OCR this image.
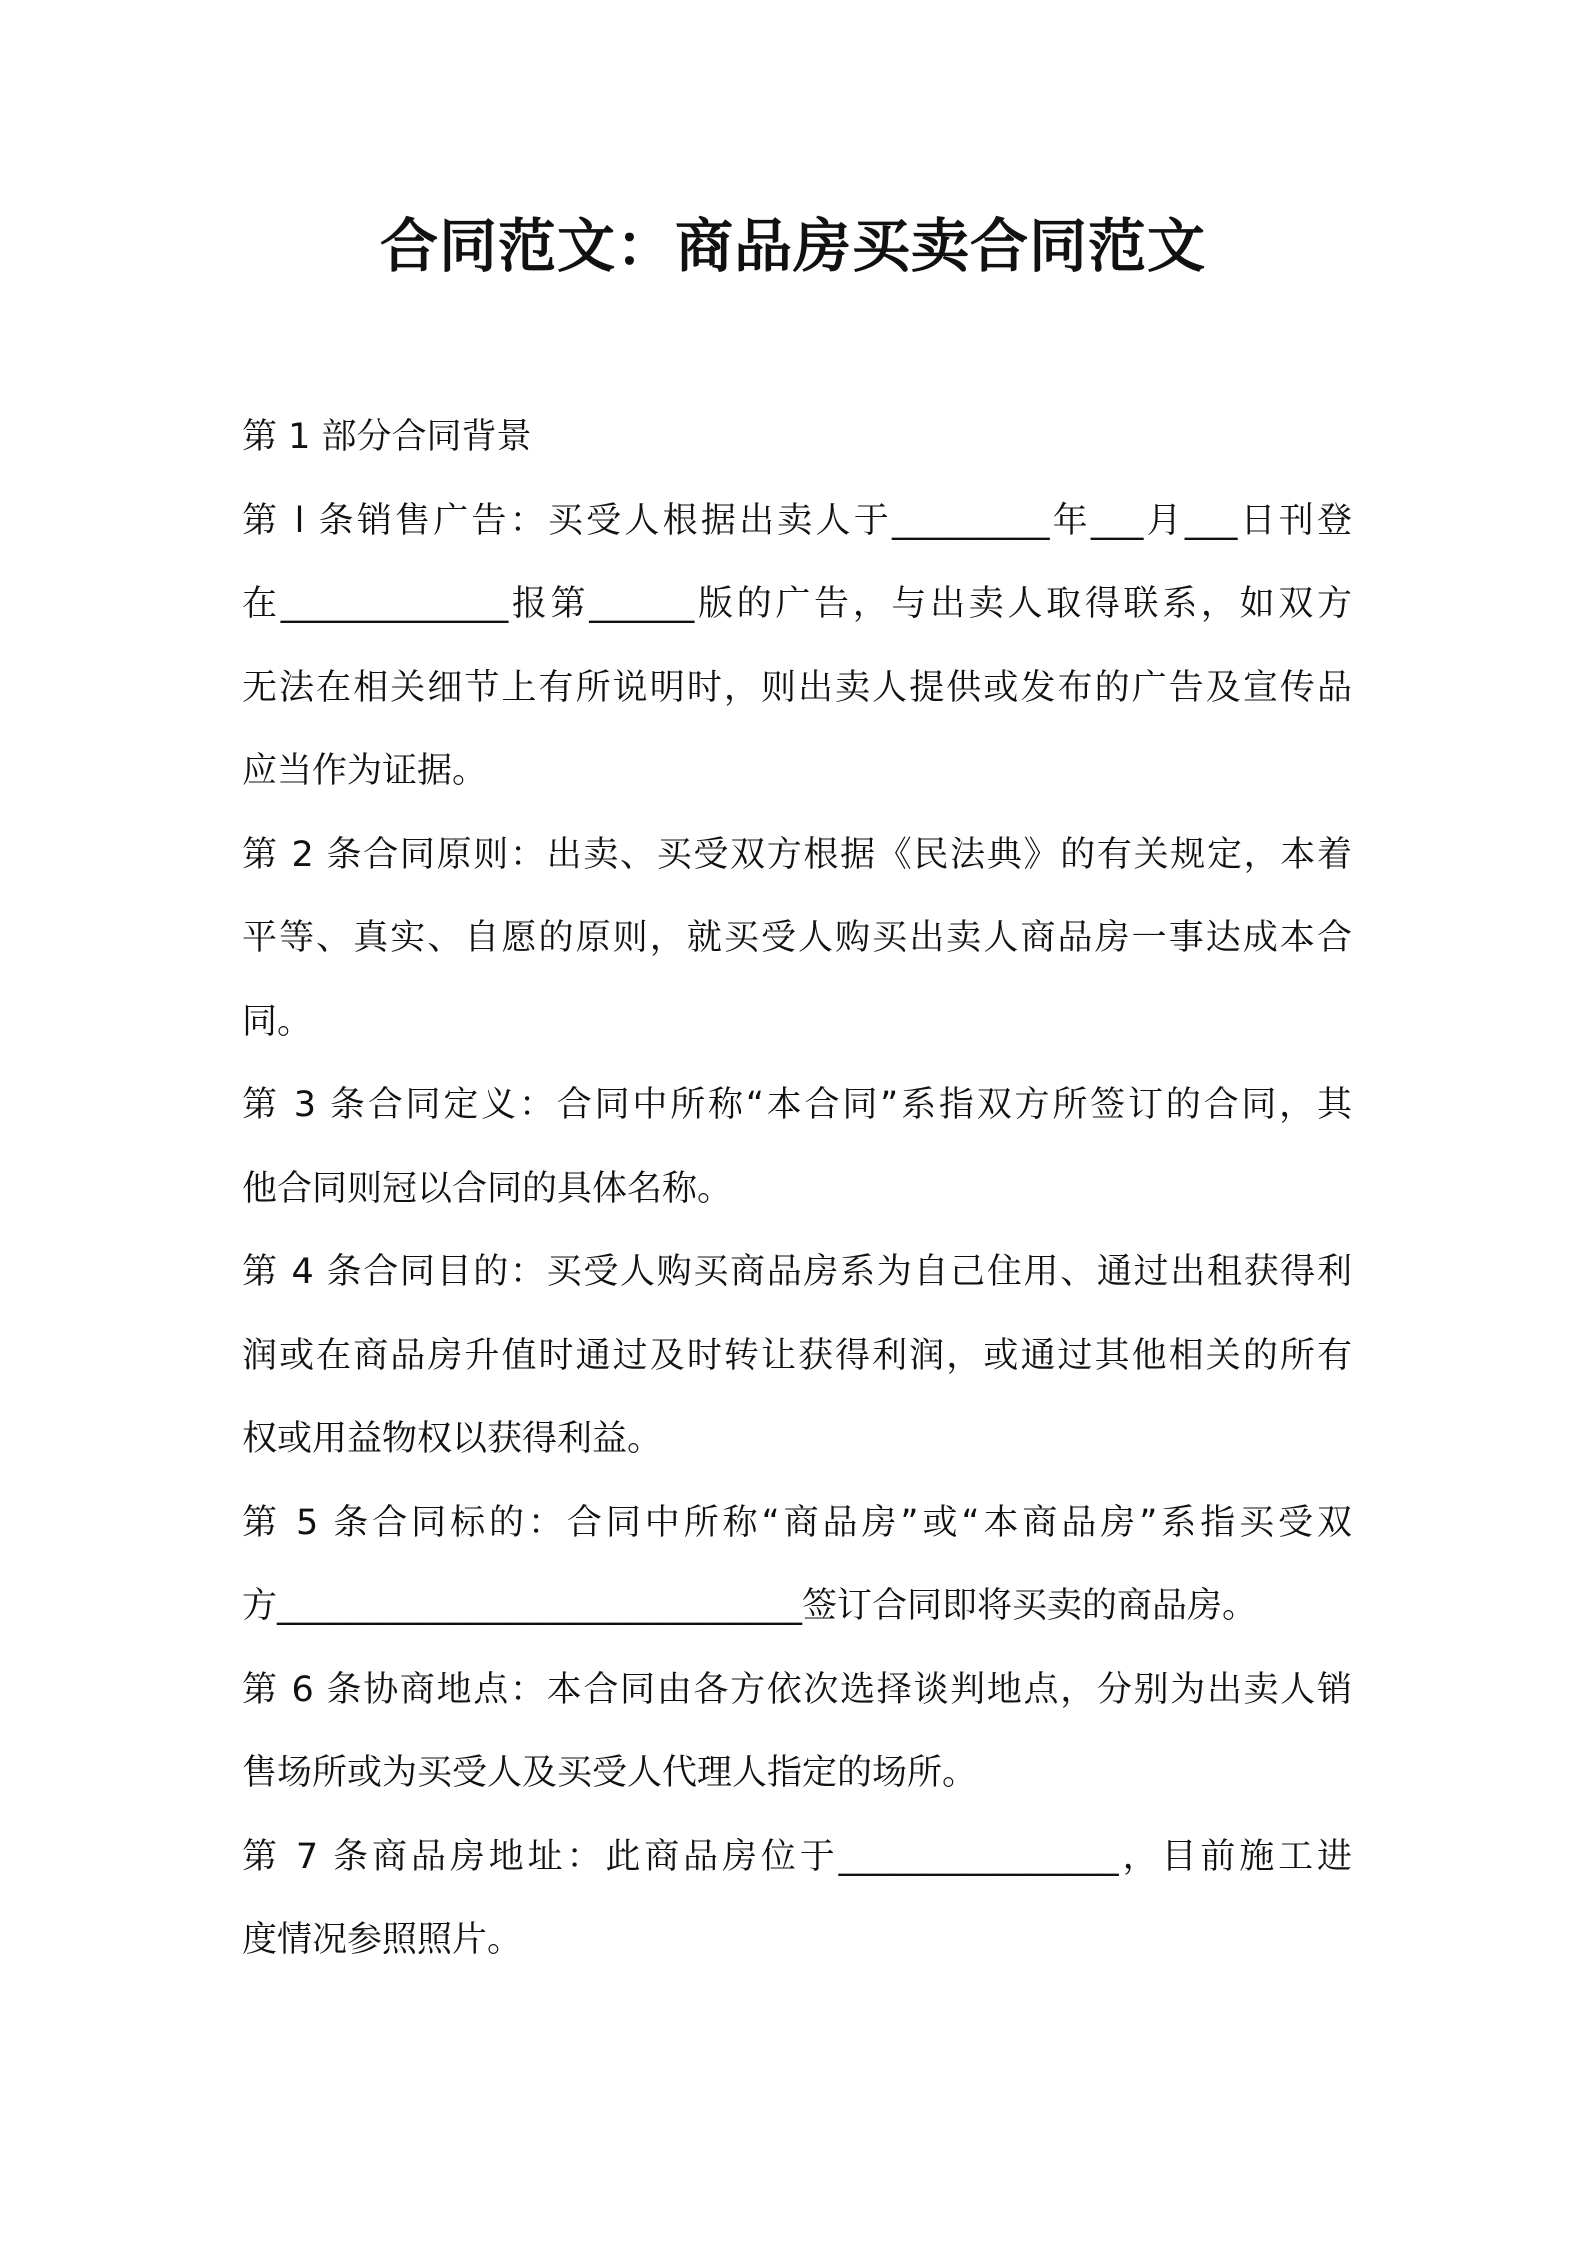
合同范文：商品房买卖合同范文

第 1 部分合同背景

第 l 条销售广告：买受人根据出卖人于_________年___月___日刊登
在_____________报第______版的广告，与出卖人取得联系，如双方
无法在相关细节上有所说明时，则出卖人提供或发布的广告及宣传品
应当作为证据。

第 2 条合同原则：出卖、买受双方根据《民法典》的有关规定，本着
平等、真实、自愿的原则，就买受人购买出卖人商品房一事达成本合
同。

第 3 条合同定义：合同中所称“本合同”系指双方所签订的合同，其
他合同则冠以合同的具体名称。

第 4 条合同目的：买受人购买商品房系为自己住用、通过出租获得利
润或在商品房升值时通过及时转让获得利润，或通过其他相关的所有
权或用益物权以获得利益。

第 5 条合同标的：合同中所称“商品房”或“本商品房”系指买受双
方______________________________签订合同即将买卖的商品房。

第 6 条协商地点：本合同由各方依次选择谈判地点，分别为出卖人销
售场所或为买受人及买受人代理人指定的场所。

第 7 条商品房地址：此商品房位于________________，目前施工进
度情况参照照片。
